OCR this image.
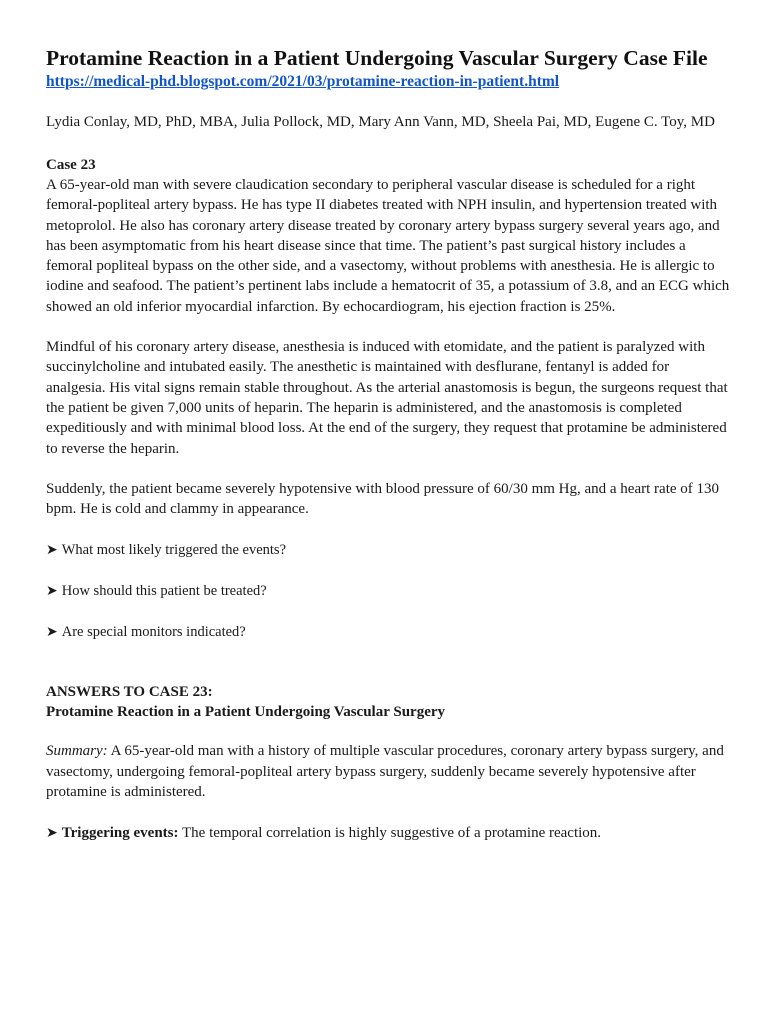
Protamine Reaction in a Patient Undergoing Vascular Surgery Case File
https://medical-phd.blogspot.com/2021/03/protamine-reaction-in-patient.html
Lydia Conlay, MD, PhD, MBA, Julia Pollock, MD, Mary Ann Vann, MD, Sheela Pai, MD, Eugene C. Toy, MD
Case 23

A 65-year-old man with severe claudication secondary to peripheral vascular disease is scheduled for a right femoral-popliteal artery bypass. He has type II diabetes treated with NPH insulin, and hypertension treated with metoprolol. He also has coronary artery disease treated by coronary artery bypass surgery several years ago, and has been asymptomatic from his heart disease since that time. The patient’s past surgical history includes a femoral popliteal bypass on the other side, and a vasectomy, without problems with anesthesia. He is allergic to iodine and seafood. The patient’s pertinent labs include a hematocrit of 35, a potassium of 3.8, and an ECG which showed an old inferior myocardial infarction. By echocardiogram, his ejection fraction is 25%.

Mindful of his coronary artery disease, anesthesia is induced with etomidate, and the patient is paralyzed with succinylcholine and intubated easily. The anesthetic is maintained with desflurane, fentanyl is added for analgesia. His vital signs remain stable throughout. As the arterial anastomosis is begun, the surgeons request that the patient be given 7,000 units of heparin. The heparin is administered, and the anastomosis is completed expeditiously and with minimal blood loss. At the end of the surgery, they request that protamine be administered to reverse the heparin.

Suddenly, the patient became severely hypotensive with blood pressure of 60/30 mm Hg, and a heart rate of 130 bpm. He is cold and clammy in appearance.

➤ What most likely triggered the events?
➤ How should this patient be treated?
➤ Are special monitors indicated?
ANSWERS TO CASE 23:
Protamine Reaction in a Patient Undergoing Vascular Surgery

Summary: A 65-year-old man with a history of multiple vascular procedures, coronary artery bypass surgery, and vasectomy, undergoing femoral-popliteal artery bypass surgery, suddenly became severely hypotensive after protamine is administered.

➤ Triggering events: The temporal correlation is highly suggestive of a protamine reaction.
